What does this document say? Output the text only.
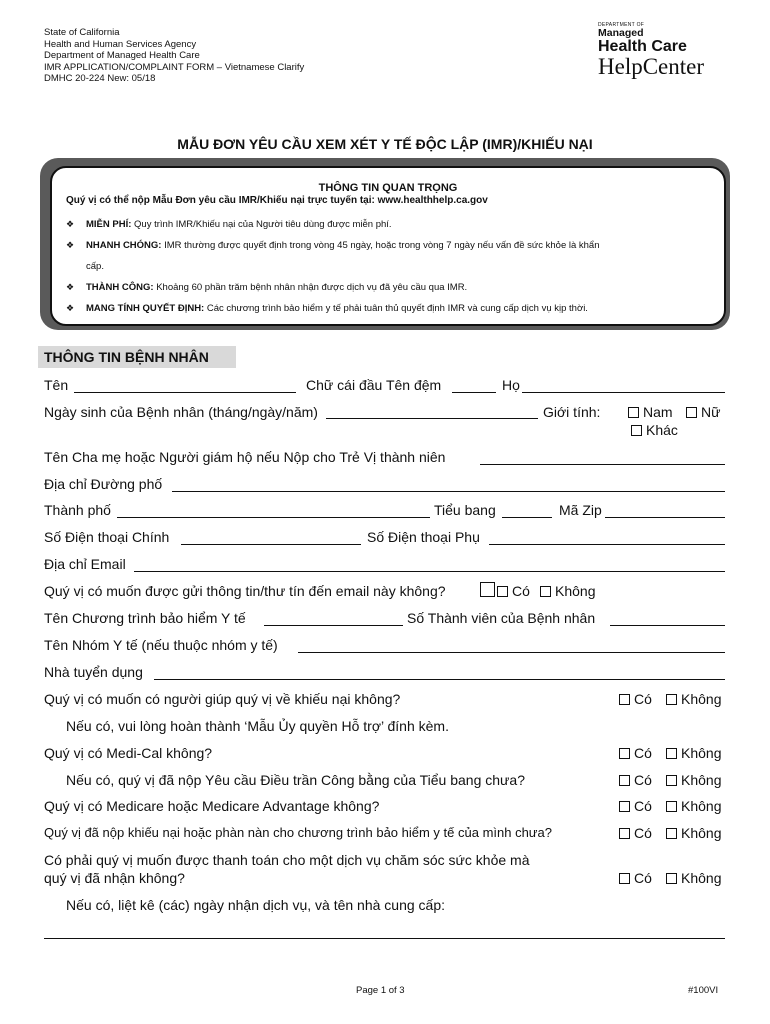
State of California
Health and Human Services Agency
Department of Managed Health Care
IMR APPLICATION/COMPLAINT FORM – Vietnamese Clarify
DMHC 20-224 New: 05/18
DEPARTMENT OF
Managed
Health Care
HelpCenter
MẪU ĐƠN YÊU CẦU XEM XÉT Y TẾ ĐỘC LẬP (IMR)/KHIẾU NẠI
THÔNG TIN QUAN TRỌNG
Quý vị có thể nộp Mẫu Đơn yêu cầu IMR/Khiếu nại trực tuyến tại: www.healthhelp.ca.gov
❖ MIỄN PHÍ: Quy trình IMR/Khiếu nại của Người tiêu dùng được miễn phí.
❖ NHANH CHÓNG: IMR thường được quyết định trong vòng 45 ngày, hoặc trong vòng 7 ngày nếu vấn đề sức khỏe là khẩn
cấp.
❖ THÀNH CÔNG: Khoảng 60 phần trăm bệnh nhân nhận được dịch vụ đã yêu cầu qua IMR.
❖ MANG TÍNH QUYẾT ĐỊNH: Các chương trình bảo hiểm y tế phải tuân thủ quyết định IMR và cung cấp dịch vụ kịp thời.
THÔNG TIN BỆNH NHÂN
Tên	Chữ cái đầu Tên đệm	Họ
Ngày sinh của Bệnh nhân (tháng/ngày/năm)	Giới tính:	Nam	Nữ
Khác
Tên Cha mẹ hoặc Người giám hộ nếu Nộp cho Trẻ Vị thành niên
Địa chỉ Đường phố
Thành phố	Tiểu bang	Mã Zip
Số Điện thoại Chính	Số Điện thoại Phụ
Địa chỉ Email
Quý vị có muốn được gửi thông tin/thư tín đến email này không?	Có	Không
Tên Chương trình bảo hiểm Y tế	Số Thành viên của Bệnh nhân
Tên Nhóm Y tế (nếu thuộc nhóm y tế)
Nhà tuyển dụng
Quý vị có muốn có người giúp quý vị về khiếu nại không?	Có	Không
Nếu có, vui lòng hoàn thành ‘Mẫu Ủy quyền Hỗ trợ’ đính kèm.
Quý vị có Medi-Cal không?	Có	Không
Nếu có, quý vị đã nộp Yêu cầu Điều trần Công bằng của Tiểu bang chưa?	Có	Không
Quý vị có Medicare hoặc Medicare Advantage không?	Có	Không
Quý vị đã nộp khiếu nại hoặc phàn nàn cho chương trình bảo hiểm y tế của mình chưa?	Có	Không
Có phải quý vị muốn được thanh toán cho một dịch vụ chăm sóc sức khỏe mà
quý vị đã nhận không?	Có	Không
Nếu có, liệt kê (các) ngày nhận dịch vụ, và tên nhà cung cấp:
Page 1 of 3	#100VI
